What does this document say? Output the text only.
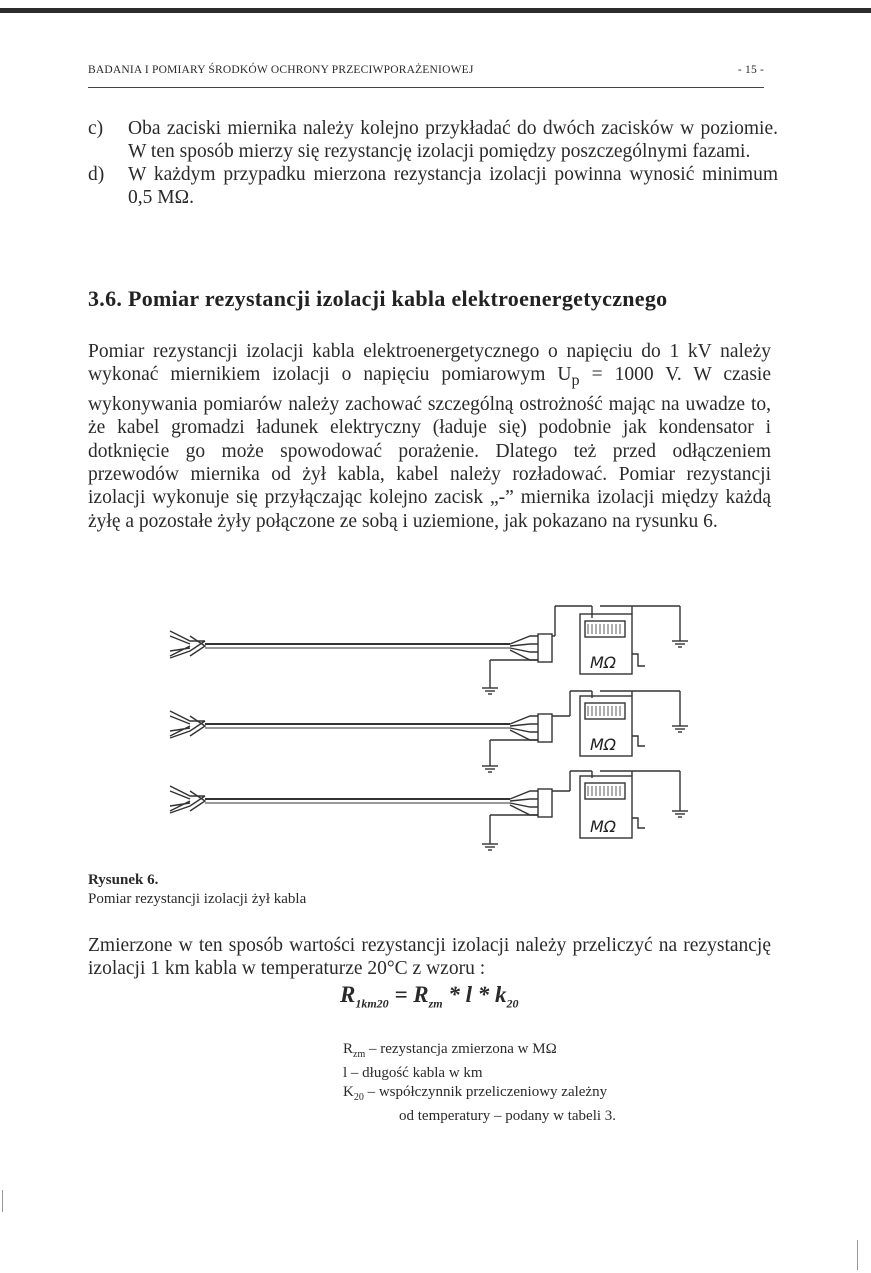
BADANIA I POMIARY ŚRODKÓW OCHRONY PRZECIWPORAŻENIOWEJ	- 15 -
c) Oba zaciski miernika należy kolejno przykładać do dwóch zacisków w poziomie. W ten sposób mierzy się rezystancję izolacji pomiędzy poszczególnymi fazami.
d) W każdym przypadku mierzona rezystancja izolacji powinna wynosić minimum 0,5 MΩ.
3.6. Pomiar rezystancji izolacji kabla elektroenergetycznego
Pomiar rezystancji izolacji kabla elektroenergetycznego o napięciu do 1 kV należy wykonać miernikiem izolacji o napięciu pomiarowym $U_p = 1000$ V. W czasie wykonywania pomiarów należy zachować szczególną ostrożność mając na uwadze to, że kabel gromadzi ładunek elektryczny (ładuje się) podobnie jak kondensator i dotknięcie go może spowodować porażenie. Dlatego też przed odłączeniem przewodów miernika od żył kabla, kabel należy rozładować. Pomiar rezystancji izolacji wykonuje się przyłączając kolejno zacisk „-” miernika izolacji między każdą żyłę a pozostałe żyły połączone ze sobą i uziemione, jak pokazano na rysunku 6.
MΩ
MΩ
MΩ
Rysunek 6.
Pomiar rezystancji izolacji żył kabla
Zmierzone w ten sposób wartości rezystancji izolacji należy przeliczyć na rezystancję izolacji 1 km kabla w temperaturze 20°C z wzoru :
$R_{1km20} = R_{zm} * l * k_{20}$
$R_{zm}$ – rezystancja zmierzona w MΩ
l – długość kabla w km
$K_{20}$ – współczynnik przeliczeniowy zależny
od temperatury – podany w tabeli 3.
